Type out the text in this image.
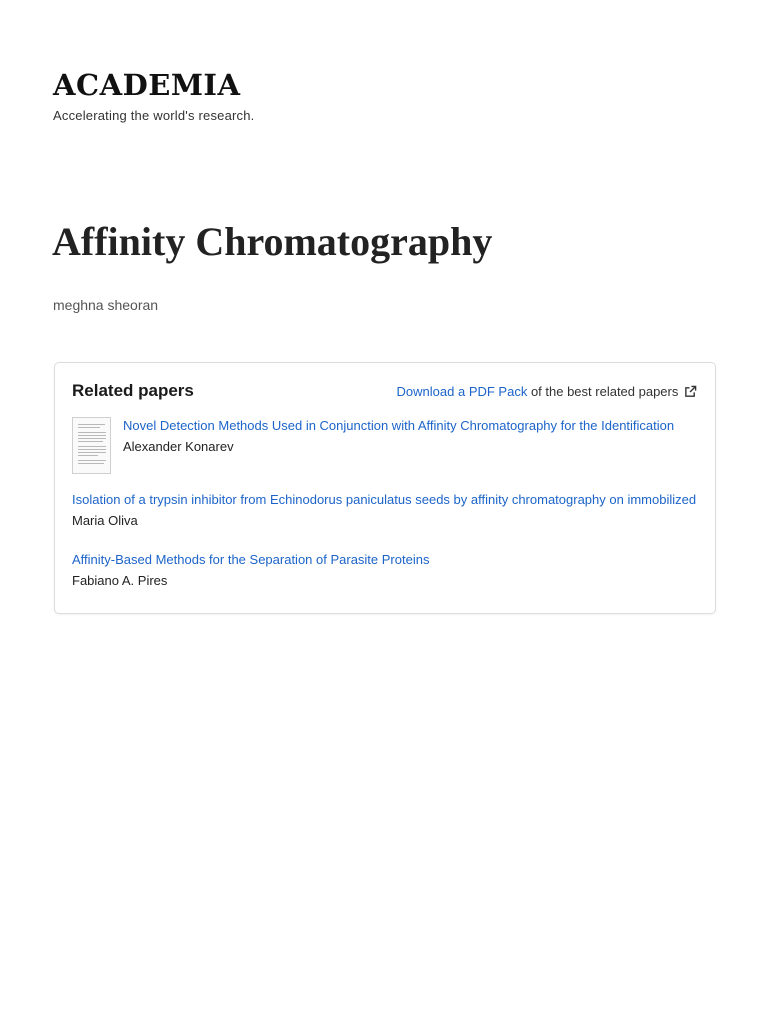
ACADEMIA
Accelerating the world's research.
Affinity Chromatography
meghna sheoran
Related papers	Download a PDF Pack of the best related papers
Novel Detection Methods Used in Conjunction with Affinity Chromatography for the Identification
Alexander Konarev
Isolation of a trypsin inhibitor from Echinodorus paniculatus seeds by affinity chromatography on immobilized
Maria Oliva
Affinity-Based Methods for the Separation of Parasite Proteins
Fabiano A. Pires
